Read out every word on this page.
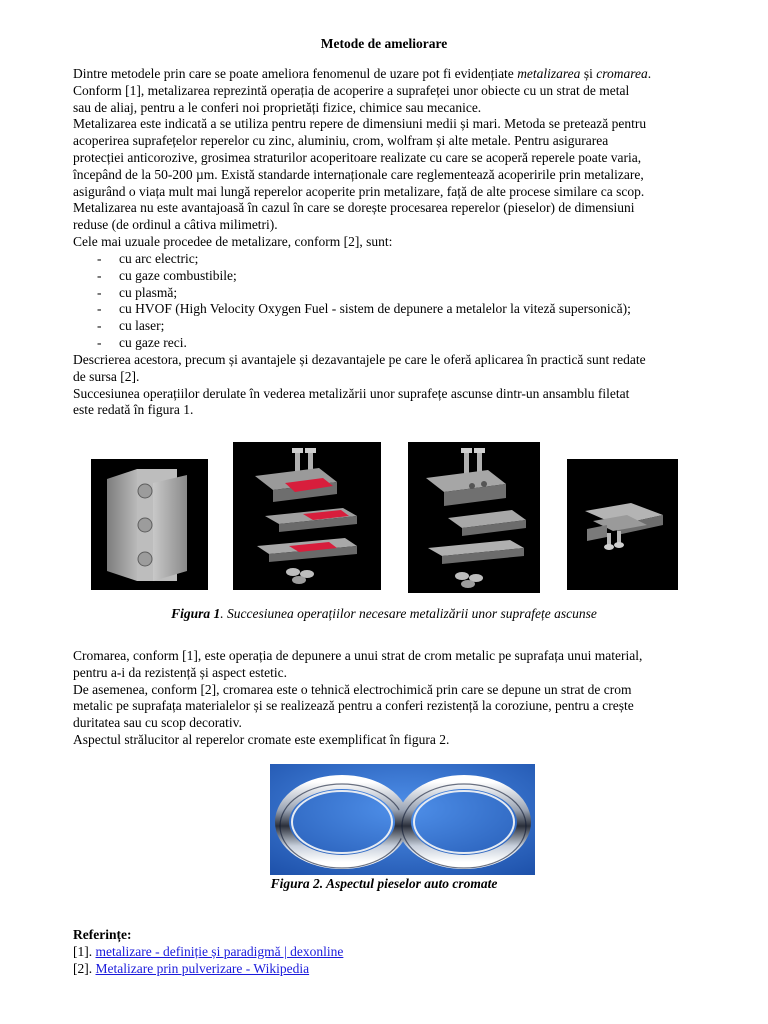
Metode de ameliorare
Dintre metodele prin care se poate ameliora fenomenul de uzare pot fi evidențiate metalizarea și cromarea.
Conform [1], metalizarea reprezintă operația de acoperire a suprafeței unor obiecte cu un strat de metal
sau de aliaj, pentru a le conferi noi proprietăți fizice, chimice sau mecanice.
Metalizarea este indicată a se utiliza pentru repere de dimensiuni medii și mari. Metoda se pretează pentru
acoperirea suprafețelor reperelor cu zinc, aluminiu, crom, wolfram și alte metale. Pentru asigurarea
protecției anticorozive, grosimea straturilor acoperitoare realizate cu care se acoperă reperele poate varia,
începând de la 50-200 µm. Există standarde internaționale care reglementează acoperirile prin metalizare,
asigurând o viața mult mai lungă reperelor acoperite prin metalizare, față de alte procese similare ca scop.
Metalizarea nu este avantajoasă în cazul în care se dorește procesarea reperelor (pieselor) de dimensiuni
reduse (de ordinul a câtiva milimetri).
Cele mai uzuale procedee de metalizare, conform [2], sunt:
- cu arc electric;
- cu gaze combustibile;
- cu plasmă;
- cu HVOF (High Velocity Oxygen Fuel - sistem de depunere a metalelor la viteză supersonică);
- cu laser;
- cu gaze reci.
Descrierea acestora, precum și avantajele și dezavantajele pe care le oferă aplicarea în practică sunt redate
de sursa [2].
Succesiunea operațiilor derulate în vederea metalizării unor suprafețe ascunse dintr-un ansamblu filetat
este redată în figura 1.
Figura 1. Succesiunea operațiilor necesare metalizării unor suprafețe ascunse
Cromarea, conform [1], este operația de depunere a unui strat de crom metalic pe suprafața unui material,
pentru a-i da rezistență și aspect estetic.
De asemenea, conform [2], cromarea este o tehnică electrochimică prin care se depune un strat de crom
metalic pe suprafața materialelor și se realizează pentru a conferi rezistență la coroziune, pentru a crește
duritatea sau cu scop decorativ.
Aspectul strălucitor al reperelor cromate este exemplificat în figura 2.
Figura 2. Aspectul pieselor auto cromate
Referințe:
[1]. metalizare - definiție și paradigmă | dexonline
[2]. Metalizare prin pulverizare - Wikipedia
